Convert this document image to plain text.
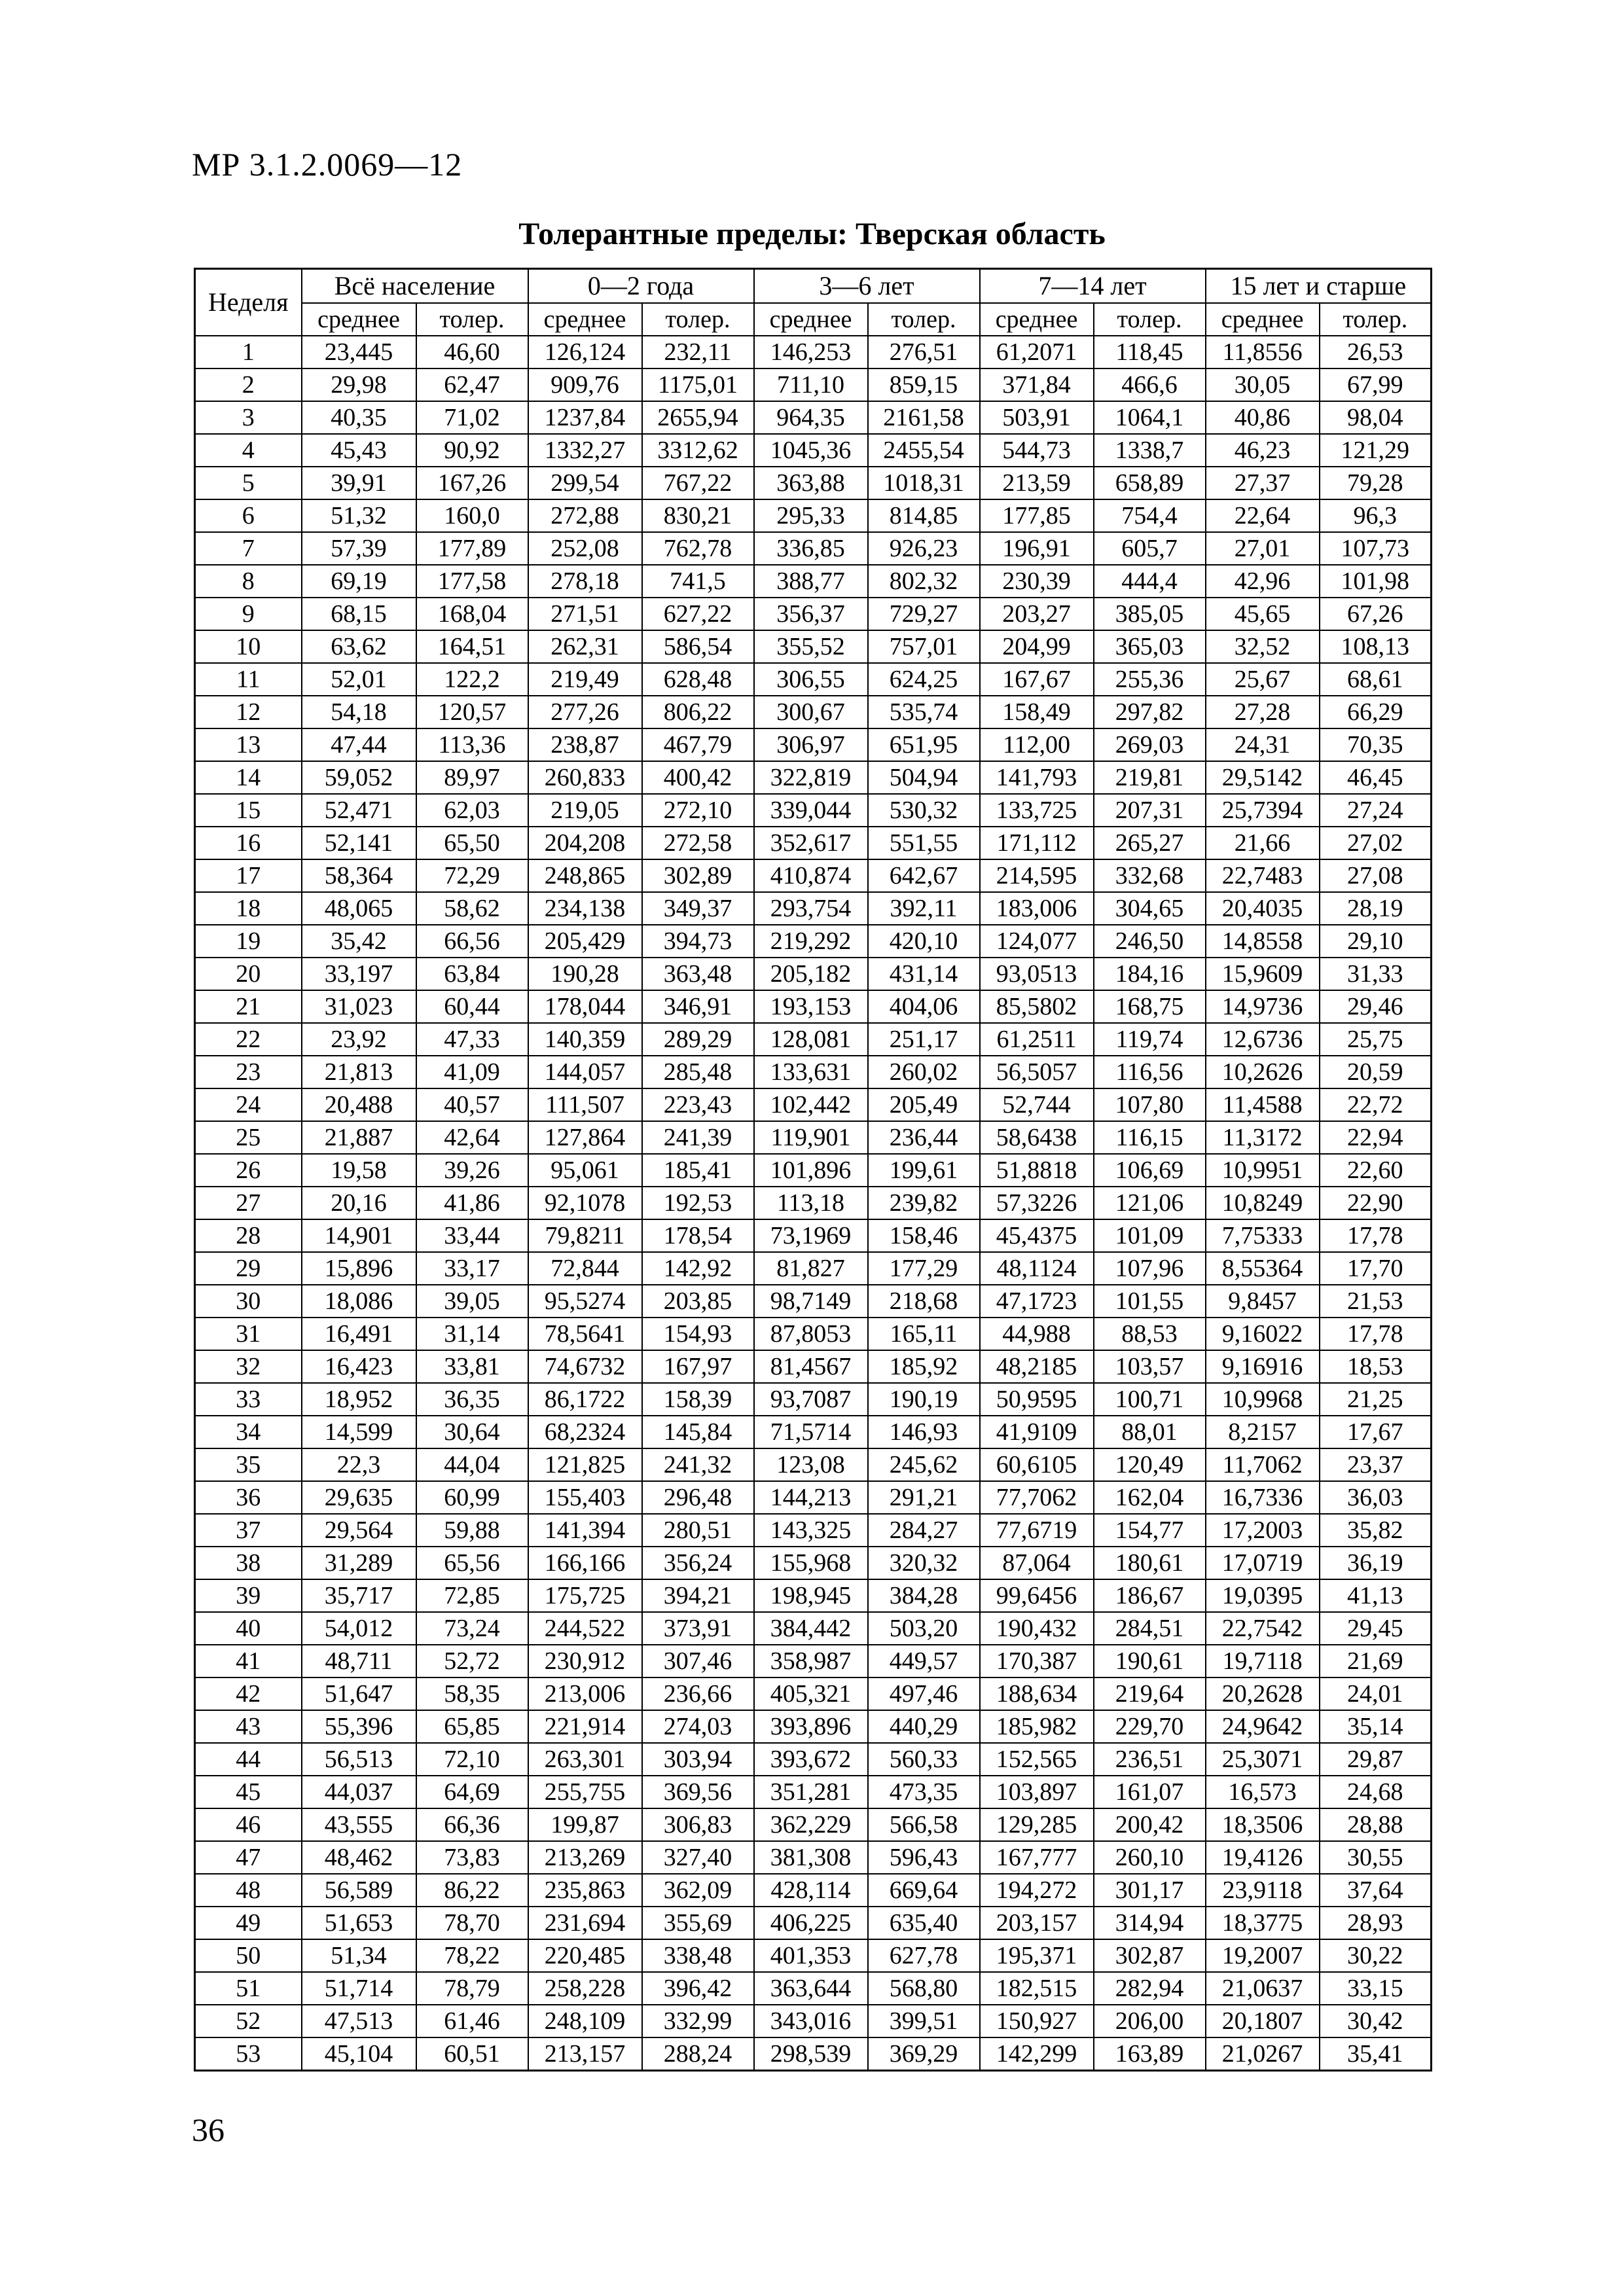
МР 3.1.2.0069—12
Толерантные пределы: Тверская область
Неделя	Всё население		0—2 года		3—6 лет		7—14 лет		15 лет и старше	
	среднее	толер.	среднее	толер.	среднее	толер.	среднее	толер.	среднее	толер.
1	23,445	46,60	126,124	232,11	146,253	276,51	61,2071	118,45	11,8556	26,53
2	29,98	62,47	909,76	1175,01	711,10	859,15	371,84	466,6	30,05	67,99
3	40,35	71,02	1237,84	2655,94	964,35	2161,58	503,91	1064,1	40,86	98,04
4	45,43	90,92	1332,27	3312,62	1045,36	2455,54	544,73	1338,7	46,23	121,29
5	39,91	167,26	299,54	767,22	363,88	1018,31	213,59	658,89	27,37	79,28
6	51,32	160,0	272,88	830,21	295,33	814,85	177,85	754,4	22,64	96,3
7	57,39	177,89	252,08	762,78	336,85	926,23	196,91	605,7	27,01	107,73
8	69,19	177,58	278,18	741,5	388,77	802,32	230,39	444,4	42,96	101,98
9	68,15	168,04	271,51	627,22	356,37	729,27	203,27	385,05	45,65	67,26
10	63,62	164,51	262,31	586,54	355,52	757,01	204,99	365,03	32,52	108,13
11	52,01	122,2	219,49	628,48	306,55	624,25	167,67	255,36	25,67	68,61
12	54,18	120,57	277,26	806,22	300,67	535,74	158,49	297,82	27,28	66,29
13	47,44	113,36	238,87	467,79	306,97	651,95	112,00	269,03	24,31	70,35
14	59,052	89,97	260,833	400,42	322,819	504,94	141,793	219,81	29,5142	46,45
15	52,471	62,03	219,05	272,10	339,044	530,32	133,725	207,31	25,7394	27,24
16	52,141	65,50	204,208	272,58	352,617	551,55	171,112	265,27	21,66	27,02
17	58,364	72,29	248,865	302,89	410,874	642,67	214,595	332,68	22,7483	27,08
18	48,065	58,62	234,138	349,37	293,754	392,11	183,006	304,65	20,4035	28,19
19	35,42	66,56	205,429	394,73	219,292	420,10	124,077	246,50	14,8558	29,10
20	33,197	63,84	190,28	363,48	205,182	431,14	93,0513	184,16	15,9609	31,33
21	31,023	60,44	178,044	346,91	193,153	404,06	85,5802	168,75	14,9736	29,46
22	23,92	47,33	140,359	289,29	128,081	251,17	61,2511	119,74	12,6736	25,75
23	21,813	41,09	144,057	285,48	133,631	260,02	56,5057	116,56	10,2626	20,59
24	20,488	40,57	111,507	223,43	102,442	205,49	52,744	107,80	11,4588	22,72
25	21,887	42,64	127,864	241,39	119,901	236,44	58,6438	116,15	11,3172	22,94
26	19,58	39,26	95,061	185,41	101,896	199,61	51,8818	106,69	10,9951	22,60
27	20,16	41,86	92,1078	192,53	113,18	239,82	57,3226	121,06	10,8249	22,90
28	14,901	33,44	79,8211	178,54	73,1969	158,46	45,4375	101,09	7,75333	17,78
29	15,896	33,17	72,844	142,92	81,827	177,29	48,1124	107,96	8,55364	17,70
30	18,086	39,05	95,5274	203,85	98,7149	218,68	47,1723	101,55	9,8457	21,53
31	16,491	31,14	78,5641	154,93	87,8053	165,11	44,988	88,53	9,16022	17,78
32	16,423	33,81	74,6732	167,97	81,4567	185,92	48,2185	103,57	9,16916	18,53
33	18,952	36,35	86,1722	158,39	93,7087	190,19	50,9595	100,71	10,9968	21,25
34	14,599	30,64	68,2324	145,84	71,5714	146,93	41,9109	88,01	8,2157	17,67
35	22,3	44,04	121,825	241,32	123,08	245,62	60,6105	120,49	11,7062	23,37
36	29,635	60,99	155,403	296,48	144,213	291,21	77,7062	162,04	16,7336	36,03
37	29,564	59,88	141,394	280,51	143,325	284,27	77,6719	154,77	17,2003	35,82
38	31,289	65,56	166,166	356,24	155,968	320,32	87,064	180,61	17,0719	36,19
39	35,717	72,85	175,725	394,21	198,945	384,28	99,6456	186,67	19,0395	41,13
40	54,012	73,24	244,522	373,91	384,442	503,20	190,432	284,51	22,7542	29,45
41	48,711	52,72	230,912	307,46	358,987	449,57	170,387	190,61	19,7118	21,69
42	51,647	58,35	213,006	236,66	405,321	497,46	188,634	219,64	20,2628	24,01
43	55,396	65,85	221,914	274,03	393,896	440,29	185,982	229,70	24,9642	35,14
44	56,513	72,10	263,301	303,94	393,672	560,33	152,565	236,51	25,3071	29,87
45	44,037	64,69	255,755	369,56	351,281	473,35	103,897	161,07	16,573	24,68
46	43,555	66,36	199,87	306,83	362,229	566,58	129,285	200,42	18,3506	28,88
47	48,462	73,83	213,269	327,40	381,308	596,43	167,777	260,10	19,4126	30,55
48	56,589	86,22	235,863	362,09	428,114	669,64	194,272	301,17	23,9118	37,64
49	51,653	78,70	231,694	355,69	406,225	635,40	203,157	314,94	18,3775	28,93
50	51,34	78,22	220,485	338,48	401,353	627,78	195,371	302,87	19,2007	30,22
51	51,714	78,79	258,228	396,42	363,644	568,80	182,515	282,94	21,0637	33,15
52	47,513	61,46	248,109	332,99	343,016	399,51	150,927	206,00	20,1807	30,42
53	45,104	60,51	213,157	288,24	298,539	369,29	142,299	163,89	21,0267	35,41
36
